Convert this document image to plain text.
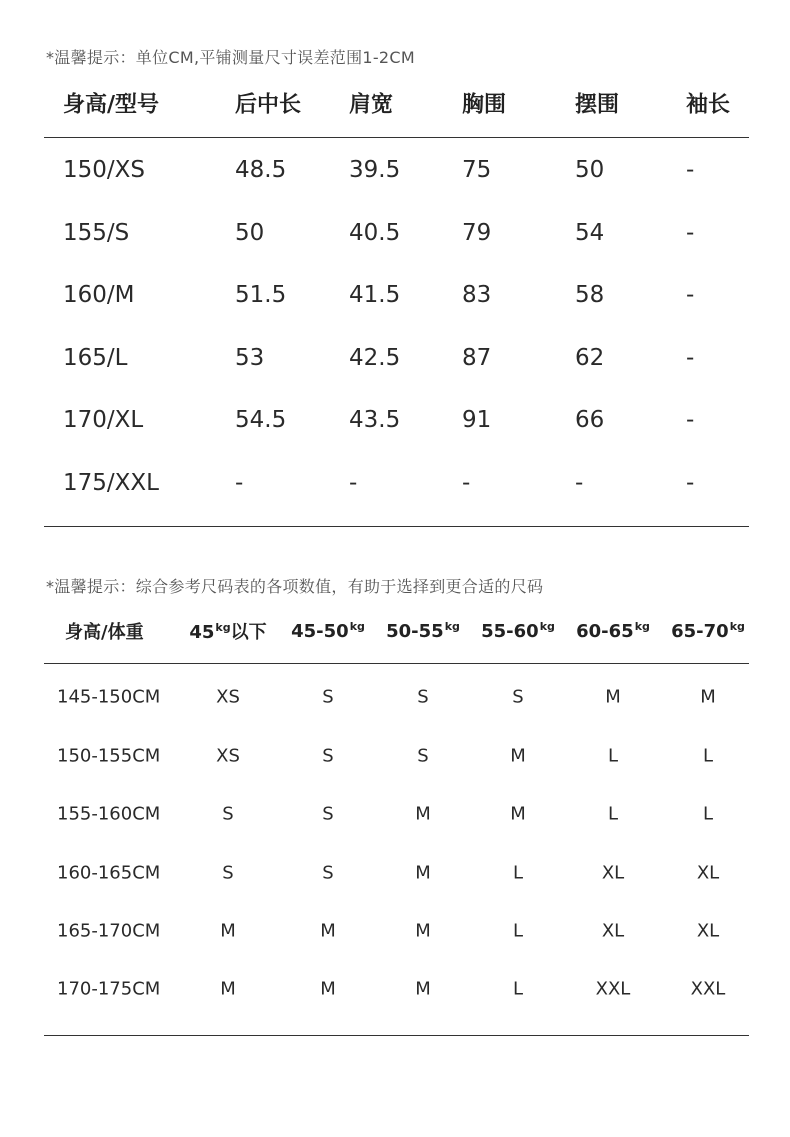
*温馨提示：单位CM,平铺测量尺寸误差范围1-2CM
身高/型号	后中长 肩宽	胸围	摆围	袖长
150/XS	48.5	39.5	75	50	-
155/S	50	40.5	79	54	-
160/M	51.5	41.5	83	58	-
165/L	53	42.5	87	62	-
170/XL	54.5	43.5	91	66	-
175/XXL	-	-	-	-	-
*温馨提示：综合参考尺码表的各项数值，有助于选择到更合适的尺码
身高/体重	$45^{kg}$以下 $45-50^{kg}$ $50-55^{kg}$ $55-60^{kg}$ $60-65^{kg}$ $65-70^{kg}$
145-150CM	XS	S	S	S	M	M
150-155CM	XS	S	S	M	L	L
155-160CM	S	S	M	M	L	L
160-165CM	S	S	M	L	XL	XL
165-170CM	M	M	M	L	XL	XL
170-175CM	M	M	M	L	XXL	XXL
